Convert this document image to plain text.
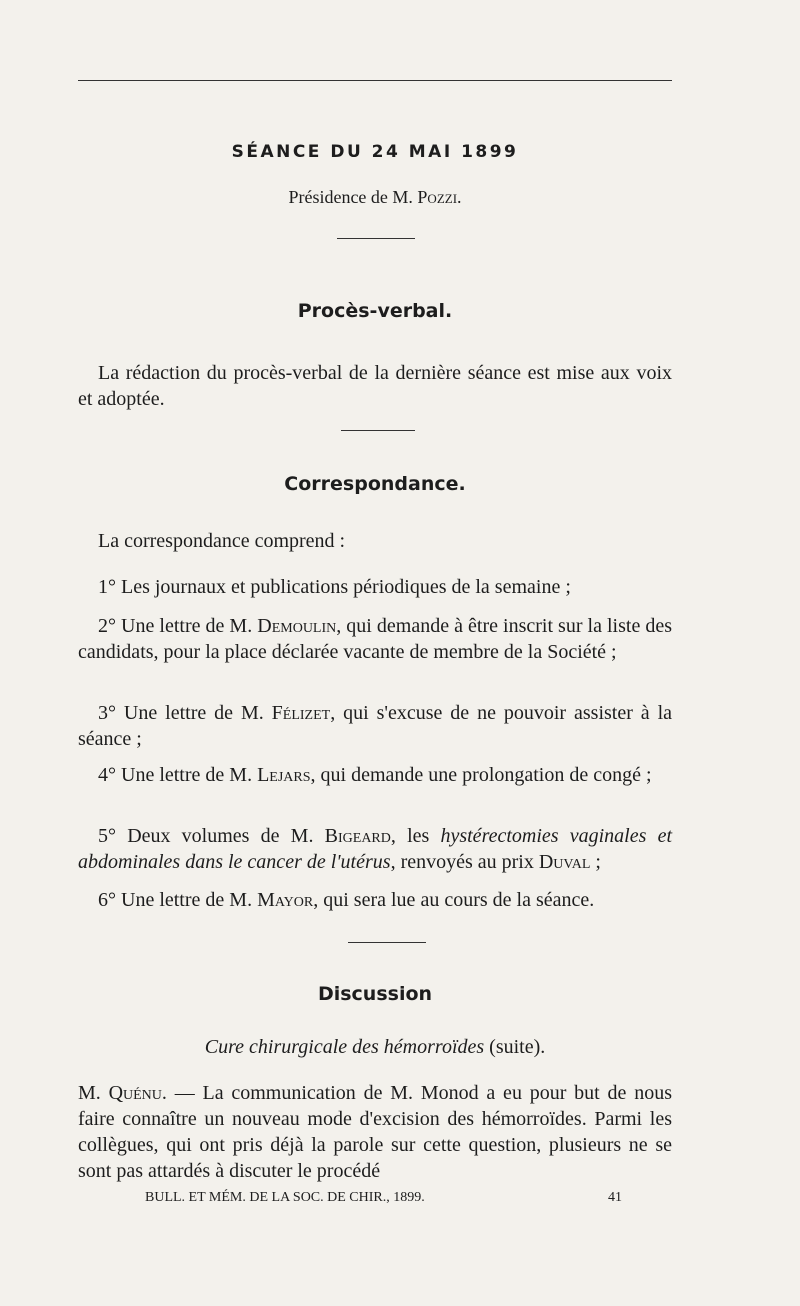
SÉANCE DU 24 MAI 1899
Présidence de M. Pozzi.
Procès-verbal.
La rédaction du procès-verbal de la dernière séance est mise aux voix et adoptée.
Correspondance.
La correspondance comprend :
1° Les journaux et publications périodiques de la semaine ;
2° Une lettre de M. Demoulin, qui demande à être inscrit sur la liste des candidats, pour la place déclarée vacante de membre de la Société ;
3° Une lettre de M. Félizet, qui s'excuse de ne pouvoir assister à la séance ;
4° Une lettre de M. Lejars, qui demande une prolongation de congé ;
5° Deux volumes de M. Bigeard, les hystérectomies vaginales et abdominales dans le cancer de l'utérus, renvoyés au prix Duval ;
6° Une lettre de M. Mayor, qui sera lue au cours de la séance.
Discussion
Cure chirurgicale des hémorroïdes (suite).
M. Quénu. — La communication de M. Monod a eu pour but de nous faire connaître un nouveau mode d'excision des hémorroïdes. Parmi les collègues, qui ont pris déjà la parole sur cette question, plusieurs ne se sont pas attardés à discuter le procédé
BULL. ET MÉM. DE LA SOC. DE CHIR., 1899.	41
